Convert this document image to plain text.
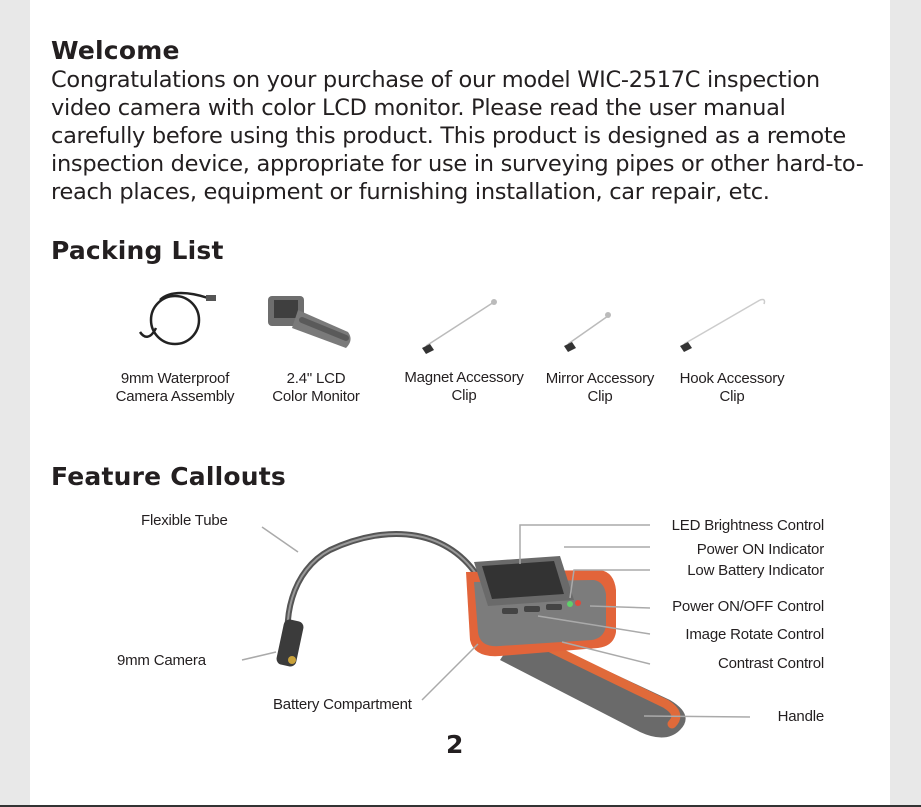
Welcome

Congratulations on your purchase of our model WIC-2517C inspection video camera with color LCD monitor. Please read the user manual carefully before using this product. This product is designed as a remote inspection device, appropriate for use in surveying pipes or other hard-to-reach places, equipment or furnishing installation, car repair, etc.

Packing List
9mm Waterproof
Camera Assembly
2.4" LCD
Color Monitor
Magnet Accessory
Clip
Mirror Accessory
Clip
Hook Accessory
Clip
Feature Callouts
Flexible Tube
9mm Camera
Battery Compartment
LED Brightness Control
Power ON Indicator
Low Battery Indicator
Power ON/OFF Control
Image Rotate Control
Contrast Control
Handle
2
